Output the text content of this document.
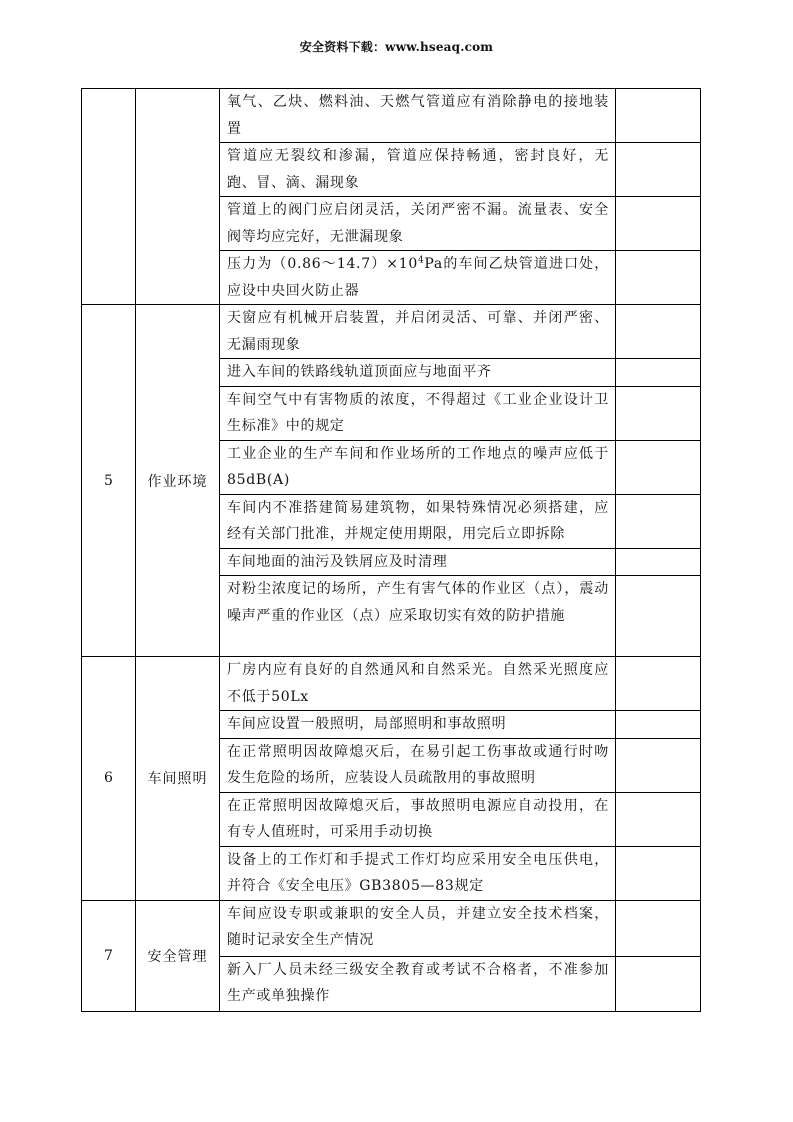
安全资料下载：www.hseaq.com
		氧气、乙炔、燃料油、天燃气管道应有消除静电的接地装置	
		管道应无裂纹和渗漏，管道应保持畅通，密封良好，无跑、冒、滴、漏现象	
		管道上的阀门应启闭灵活，关闭严密不漏。流量表、安全阀等均应完好，无泄漏现象	
		压力为$(0.86\sim 14.7)\times 10^4Pa$的车间乙炔管道进口处，应设中央回火防止器	
5	作业环境	天窗应有机械开启装置，并启闭灵活、可靠、并闭严密、无漏雨现象	
		进入车间的铁路线轨道顶面应与地面平齐	
		车间空气中有害物质的浓度，不得超过《工业企业设计卫生标准》中的规定	
		工业企业的生产车间和作业场所的工作地点的噪声应低于85dB(A)	
		车间内不准搭建简易建筑物，如果特殊情况必须搭建，应经有关部门批准，并规定使用期限，用完后立即拆除	
		车间地面的油污及铁屑应及时清理	
		对粉尘浓度记的场所，产生有害气体的作业区（点），震动噪声严重的作业区（点）应采取切实有效的防护措施	
6	车间照明	厂房内应有良好的自然通风和自然采光。自然采光照度应不低于50Lx	
		车间应设置一般照明，局部照明和事故照明	
		在正常照明因故障熄灭后，在易引起工伤事故或通行时吻发生危险的场所，应装设人员疏散用的事故照明	
		在正常照明因故障熄灭后，事故照明电源应自动投用，在有专人值班时，可采用手动切换	
		设备上的工作灯和手提式工作灯均应采用安全电压供电，并符合《安全电压》GB3805—83规定	
7	安全管理	车间应设专职或兼职的安全人员，并建立安全技术档案，随时记录安全生产情况	
		新入厂人员未经三级安全教育或考试不合格者，不准参加生产或单独操作	
